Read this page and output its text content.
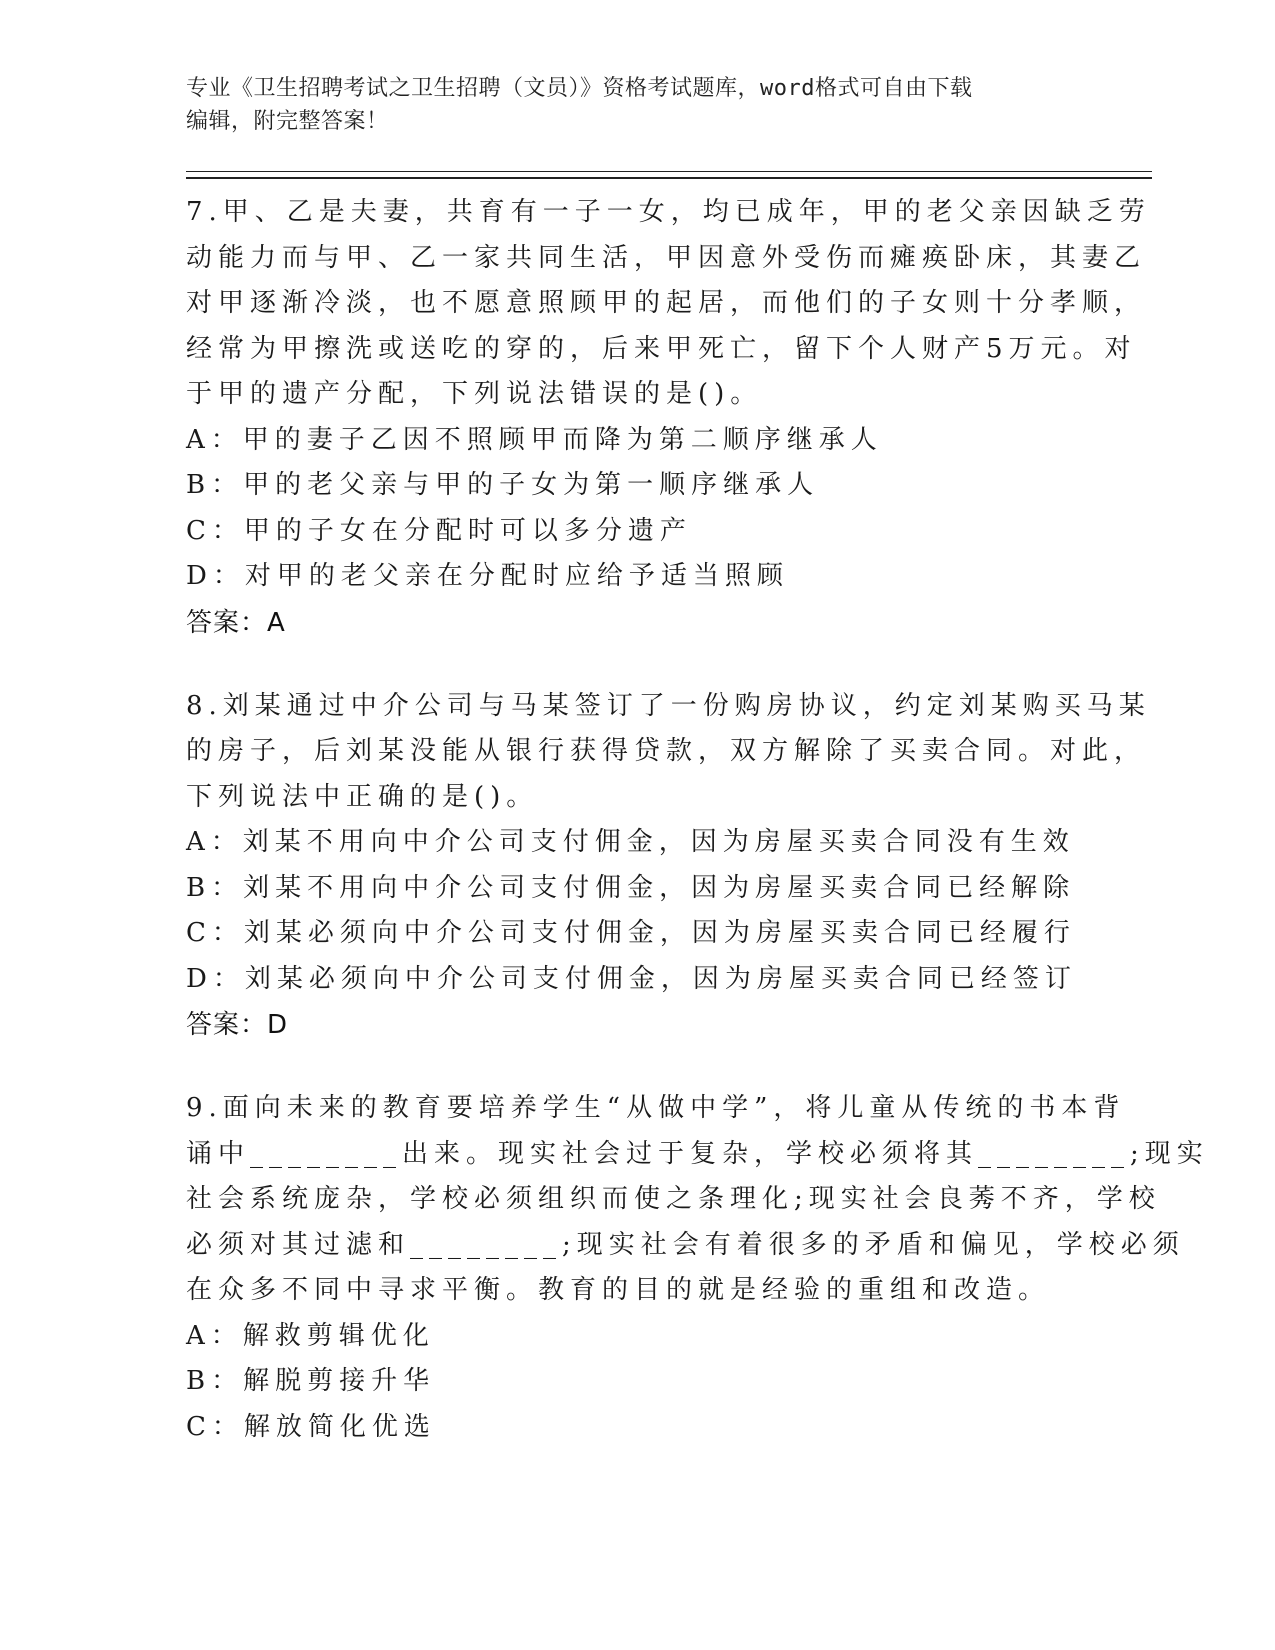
专业《卫生招聘考试之卫生招聘（文员）》资格考试题库，word格式可自由下载
编辑，附完整答案！
7.甲、乙是夫妻，共育有一子一女，均已成年，甲的老父亲因缺乏劳
动能力而与甲、乙一家共同生活，甲因意外受伤而瘫痪卧床，其妻乙
对甲逐渐冷淡，也不愿意照顾甲的起居，而他们的子女则十分孝顺，
经常为甲擦洗或送吃的穿的，后来甲死亡，留下个人财产5万元。对
于甲的遗产分配，下列说法错误的是()。
A：甲的妻子乙因不照顾甲而降为第二顺序继承人
B：甲的老父亲与甲的子女为第一顺序继承人
C：甲的子女在分配时可以多分遗产
D：对甲的老父亲在分配时应给予适当照顾
答案：A
8.刘某通过中介公司与马某签订了一份购房协议，约定刘某购买马某
的房子，后刘某没能从银行获得贷款，双方解除了买卖合同。对此，
下列说法中正确的是()。
A：刘某不用向中介公司支付佣金，因为房屋买卖合同没有生效
B：刘某不用向中介公司支付佣金，因为房屋买卖合同已经解除
C：刘某必须向中介公司支付佣金，因为房屋买卖合同已经履行
D：刘某必须向中介公司支付佣金，因为房屋买卖合同已经签订
答案：D
9.面向未来的教育要培养学生“从做中学”，将儿童从传统的书本背
诵中________出来。现实社会过于复杂，学校必须将其________;现实
社会系统庞杂，学校必须组织而使之条理化;现实社会良莠不齐，学校
必须对其过滤和________;现实社会有着很多的矛盾和偏见，学校必须
在众多不同中寻求平衡。教育的目的就是经验的重组和改造。
A：解救剪辑优化
B：解脱剪接升华
C：解放简化优选
